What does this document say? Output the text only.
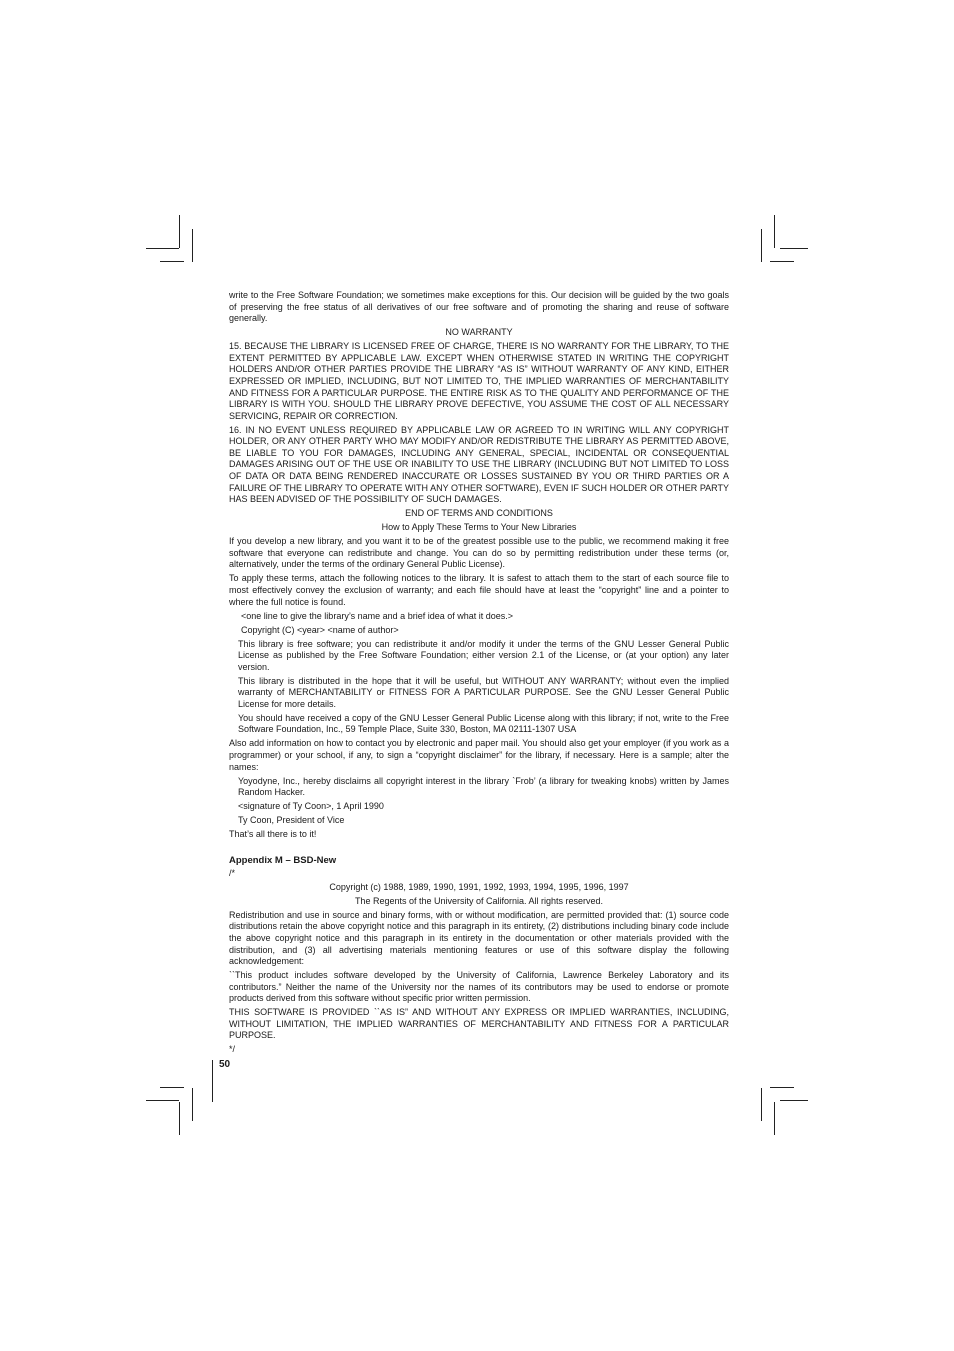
write to the Free Software Foundation; we sometimes make exceptions for this. Our decision will be guided by the two goals of preserving the free status of all derivatives of our free software and of promoting the sharing and reuse of software generally.

NO WARRANTY

15. BECAUSE THE LIBRARY IS LICENSED FREE OF CHARGE, THERE IS NO WARRANTY FOR THE LIBRARY, TO THE EXTENT PERMITTED BY APPLICABLE LAW. EXCEPT WHEN OTHERWISE STATED IN WRITING THE COPYRIGHT HOLDERS AND/OR OTHER PARTIES PROVIDE THE LIBRARY “AS IS” WITHOUT WARRANTY OF ANY KIND, EITHER EXPRESSED OR IMPLIED, INCLUDING, BUT NOT LIMITED TO, THE IMPLIED WARRANTIES OF MERCHANTABILITY AND FITNESS FOR A PARTICULAR PURPOSE. THE ENTIRE RISK AS TO THE QUALITY AND PERFORMANCE OF THE LIBRARY IS WITH YOU. SHOULD THE LIBRARY PROVE DEFECTIVE, YOU ASSUME THE COST OF ALL NECESSARY SERVICING, REPAIR OR CORRECTION.

16. IN NO EVENT UNLESS REQUIRED BY APPLICABLE LAW OR AGREED TO IN WRITING WILL ANY COPYRIGHT HOLDER, OR ANY OTHER PARTY WHO MAY MODIFY AND/OR REDISTRIBUTE THE LIBRARY AS PERMITTED ABOVE, BE LIABLE TO YOU FOR DAMAGES, INCLUDING ANY GENERAL, SPECIAL, INCIDENTAL OR CONSEQUENTIAL DAMAGES ARISING OUT OF THE USE OR INABILITY TO USE THE LIBRARY (INCLUDING BUT NOT LIMITED TO LOSS OF DATA OR DATA BEING RENDERED INACCURATE OR LOSSES SUSTAINED BY YOU OR THIRD PARTIES OR A FAILURE OF THE LIBRARY TO OPERATE WITH ANY OTHER SOFTWARE), EVEN IF SUCH HOLDER OR OTHER PARTY HAS BEEN ADVISED OF THE POSSIBILITY OF SUCH DAMAGES.

END OF TERMS AND CONDITIONS

How to Apply These Terms to Your New Libraries

If you develop a new library, and you want it to be of the greatest possible use to the public, we recommend making it free software that everyone can redistribute and change. You can do so by permitting redistribution under these terms (or, alternatively, under the terms of the ordinary General Public License).

To apply these terms, attach the following notices to the library. It is safest to attach them to the start of each source file to most effectively convey the exclusion of warranty; and each file should have at least the “copyright” line and a pointer to where the full notice is found.

<one line to give the library’s name and a brief idea of what it does.>

Copyright (C) <year> <name of author>

This library is free software; you can redistribute it and/or modify it under the terms of the GNU Lesser General Public License as published by the Free Software Foundation; either version 2.1 of the License, or (at your option) any later version.

This library is distributed in the hope that it will be useful, but WITHOUT ANY WARRANTY; without even the implied warranty of MERCHANTABILITY or FITNESS FOR A PARTICULAR PURPOSE. See the GNU Lesser General Public License for more details.

You should have received a copy of the GNU Lesser General Public License along with this library; if not, write to the Free Software Foundation, Inc., 59 Temple Place, Suite 330, Boston, MA 02111-1307 USA

Also add information on how to contact you by electronic and paper mail. You should also get your employer (if you work as a programmer) or your school, if any, to sign a “copyright disclaimer” for the library, if necessary. Here is a sample; alter the names:

Yoyodyne, Inc., hereby disclaims all copyright interest in the library `Frob’ (a library for tweaking knobs) written by James Random Hacker.

<signature of Ty Coon>, 1 April 1990

Ty Coon, President of Vice

That’s all there is to it!

Appendix M – BSD-New

/*

Copyright (c) 1988, 1989, 1990, 1991, 1992, 1993, 1994, 1995, 1996, 1997

The Regents of the University of California. All rights reserved.

Redistribution and use in source and binary forms, with or without modification, are permitted provided that: (1) source code distributions retain the above copyright notice and this paragraph in its entirety, (2) distributions including binary code include the above copyright notice and this paragraph in its entirety in the documentation or other materials provided with the distribution, and (3) all advertising materials mentioning features or use of this software display the following acknowledgement:

``This product includes software developed by the University of California, Lawrence Berkeley Laboratory and its contributors.” Neither the name of the University nor the names of its contributors may be used to endorse or promote products derived from this software without specific prior written permission.

THIS SOFTWARE IS PROVIDED ``AS IS” AND WITHOUT ANY EXPRESS OR IMPLIED WARRANTIES, INCLUDING, WITHOUT LIMITATION, THE IMPLIED WARRANTIES OF MERCHANTABILITY AND FITNESS FOR A PARTICULAR PURPOSE.

*/

50
